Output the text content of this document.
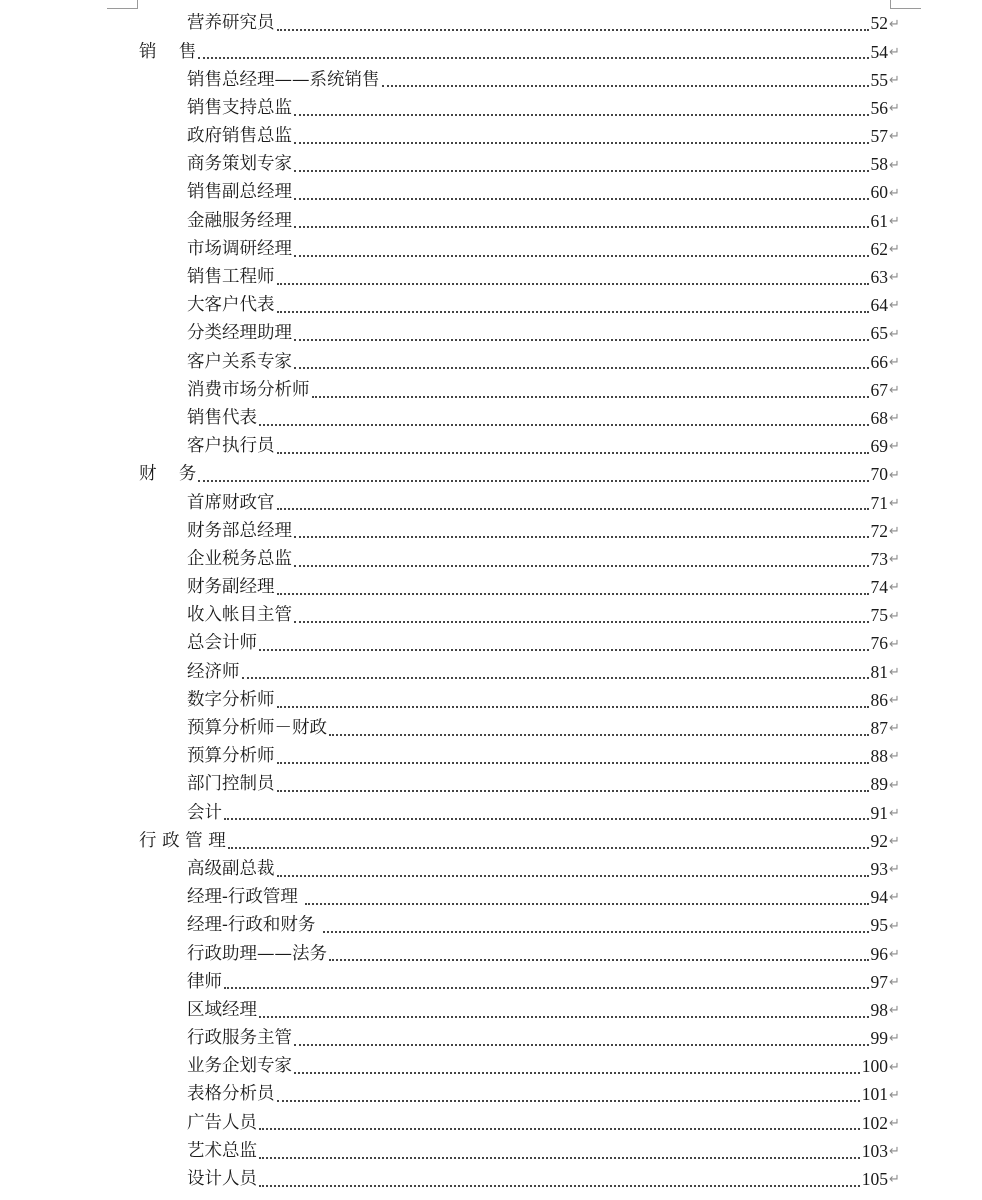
营养研究员	52 ↵
销    售	54 ↵
销售总经理——系统销售	55 ↵
销售支持总监	56 ↵
政府销售总监	57 ↵
商务策划专家	58 ↵
销售副总经理	60 ↵
金融服务经理	61 ↵
市场调研经理	62 ↵
销售工程师	63 ↵
大客户代表	64 ↵
分类经理助理	65 ↵
客户关系专家	66 ↵
消费市场分析师	67 ↵
销售代表	68 ↵
客户执行员	69 ↵
财    务	70 ↵
首席财政官	71 ↵
财务部总经理	72 ↵
企业税务总监	73 ↵
财务副经理	74 ↵
收入帐目主管	75 ↵
总会计师	76 ↵
经济师	81 ↵
数字分析师	86 ↵
预算分析师－财政	87 ↵
预算分析师	88 ↵
部门控制员	89 ↵
会计	91 ↵
行 政 管 理	92 ↵
高级副总裁	93 ↵
经理-行政管理	94 ↵
经理-行政和财务	95 ↵
行政助理——法务	96 ↵
律师	97 ↵
区域经理	98 ↵
行政服务主管	99 ↵
业务企划专家	100 ↵
表格分析员	101 ↵
广告人员	102 ↵
艺术总监	103 ↵
设计人员	105 ↵
